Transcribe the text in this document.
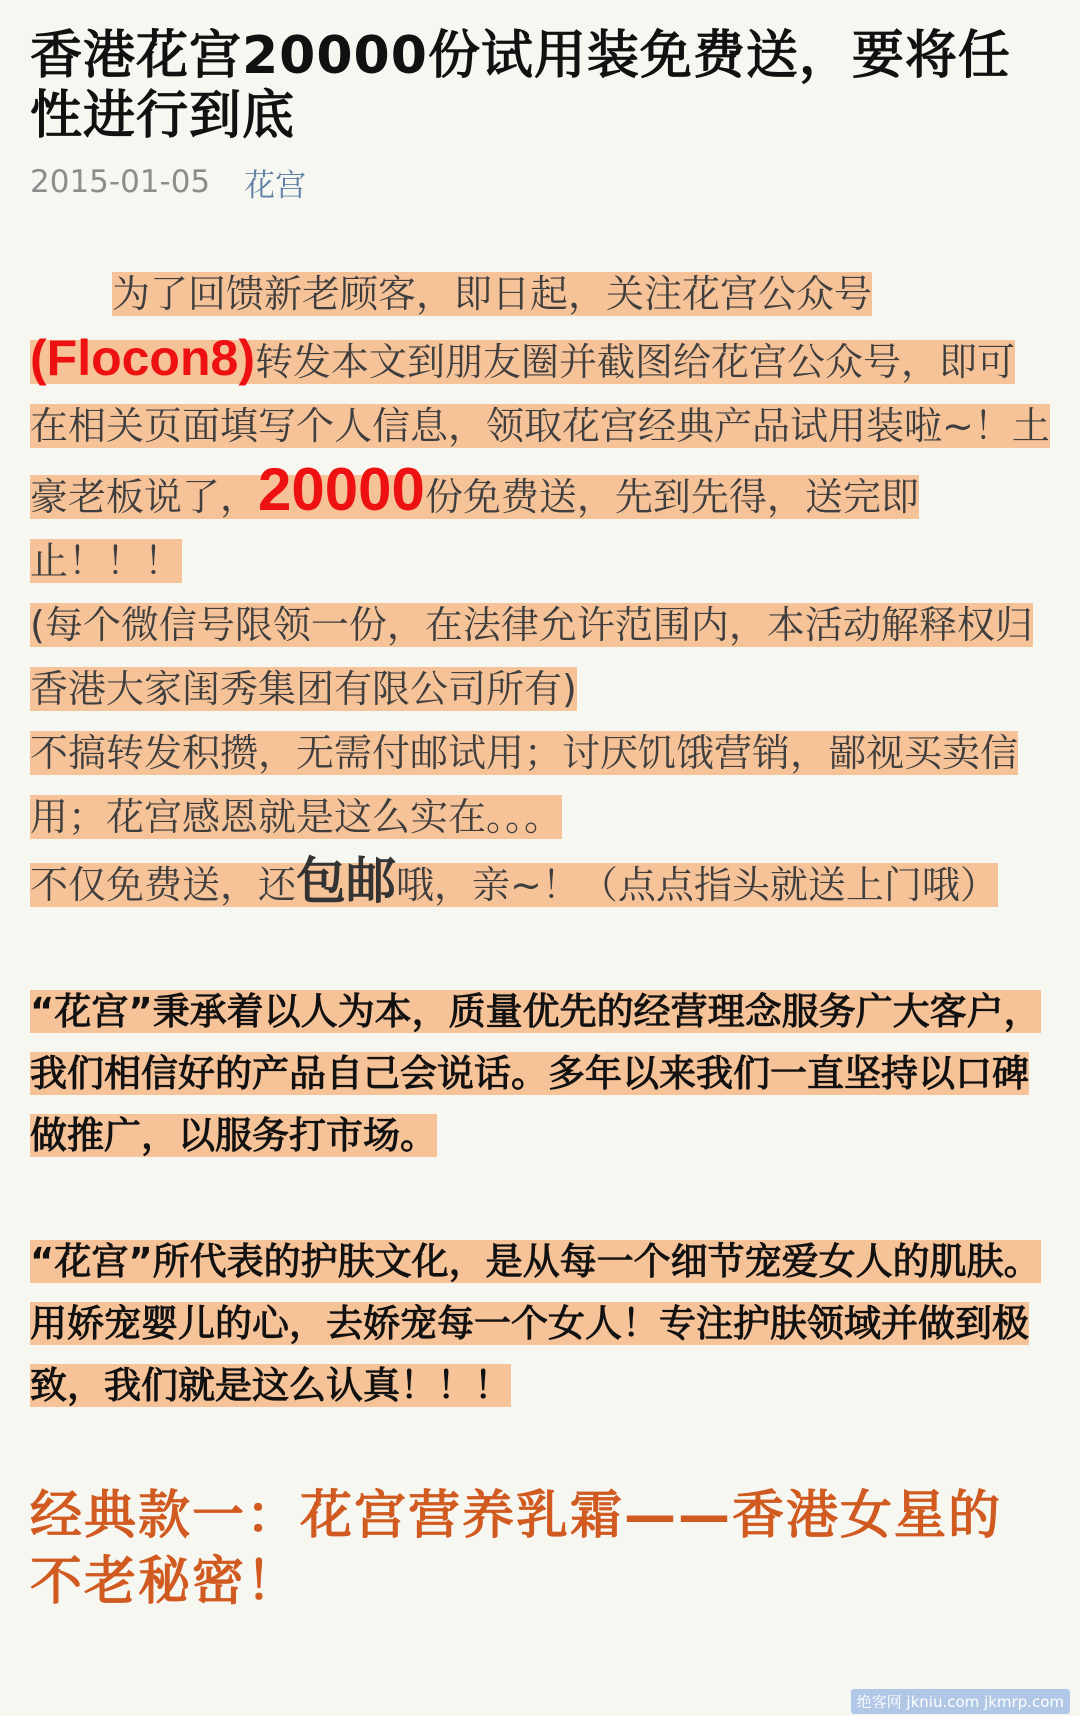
香港花宫20000份试用装免费送，要将任性进行到底
2015-01-05 花宫

为了回馈新老顾客，即日起，关注花宫公众号(Flocon8)转发本文到朋友圈并截图给花宫公众号，即可在相关页面填写个人信息，领取花宫经典产品试用装啦~！土豪老板说了，20000份免费送，先到先得，送完即止！！！

(每个微信号限领一份，在法律允许范围内，本活动解释权归香港大家闺秀集团有限公司所有)

不搞转发积攒，无需付邮试用；讨厌饥饿营销，鄙视买卖信用；花宫感恩就是这么实在。。。

不仅免费送，还包邮哦，亲~！（点点指头就送上门哦）

“花宫”秉承着以人为本，质量优先的经营理念服务广大客户，我们相信好的产品自己会说话。多年以来我们一直坚持以口碑做推广，以服务打市场。

“花宫”所代表的护肤文化，是从每一个细节宠爱女人的肌肤。用娇宠婴儿的心，去娇宠每一个女人！专注护肤领域并做到极致，我们就是这么认真！！！

经典款一：花宫营养乳霜——香港女星的不老秘密！
绝客网 jkniu.com jkmrp.com
